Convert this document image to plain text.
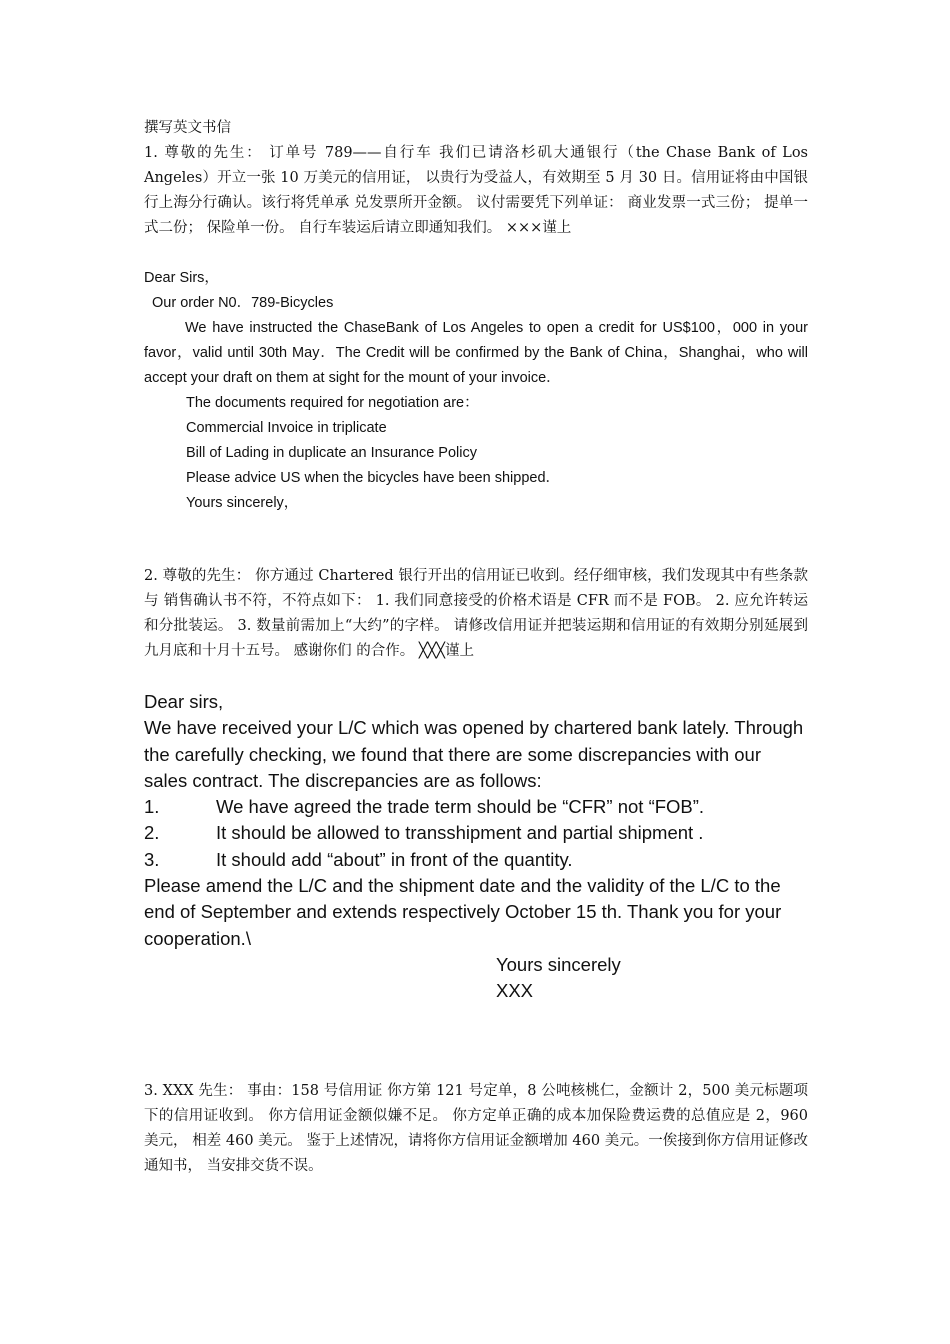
撰写英文书信
1. 尊敬的先生： 订单号 789——自行车 我们已请洛杉矶大通银行（the Chase Bank of Los Angeles）开立一张 10 万美元的信用证， 以贵行为受益人，有效期至 5 月 30 日。信用证将由中国银行上海分行确认。该行将凭单承 兑发票所开金额。 议付需要凭下列单证： 商业发票一式三份； 提单一式二份； 保险单一份。 自行车装运后请立即通知我们。 ×××谨上
Dear Sirs，
Our order N0．789-Bicycles
We have instructed the ChaseBank of Los Angeles to open a credit for US$100，000 in your favor，valid until 30th May．The Credit will be confirmed by the Bank of China，Shanghai，who will accept your draft on them at sight for the mount of your invoice．
The documents required for negotiation are：
Commercial Invoice in triplicate
Bill of Lading in duplicate an Insurance Policy
Please advice US when the bicycles have been shipped．
Yours sincerely，
2. 尊敬的先生： 你方通过 Chartered 银行开出的信用证已收到。经仔细审核，我们发现其中有些条款与 销售确认书不符，不符点如下： 1. 我们同意接受的价格术语是 CFR 而不是 FOB。 2. 应允许转运和分批装运。 3. 数量前需加上“大约”的字样。 请修改信用证并把装运期和信用证的有效期分别延展到九月底和十月十五号。 感谢你们 的合作。 ╳╳╳谨上
Dear sirs,
We have received your L/C which was opened by chartered bank lately. Through the carefully checking, we found that there are some discrepancies with our sales contract. The discrepancies are as follows:
1.	We have agreed the trade term should be “CFR” not “FOB”.
2.	It should be allowed to transshipment and partial shipment .
3.	It should add “about” in front of the quantity.
Please amend the L/C and the shipment date and the validity of the L/C to the end of September and extends respectively October 15 th. Thank you for your cooperation.\
Yours sincerely
XXX
3. XXX 先生： 事由：158 号信用证 你方第 121 号定单，8 公吨核桃仁，金额计 2，500 美元标题项下的信用证收到。 你方信用证金额似嫌不足。 你方定单正确的成本加保险费运费的总值应是 2，960 美元， 相差 460 美元。 鉴于上述情况，请将你方信用证金额增加 460 美元。一俟接到你方信用证修改通知书， 当安排交货不误。
